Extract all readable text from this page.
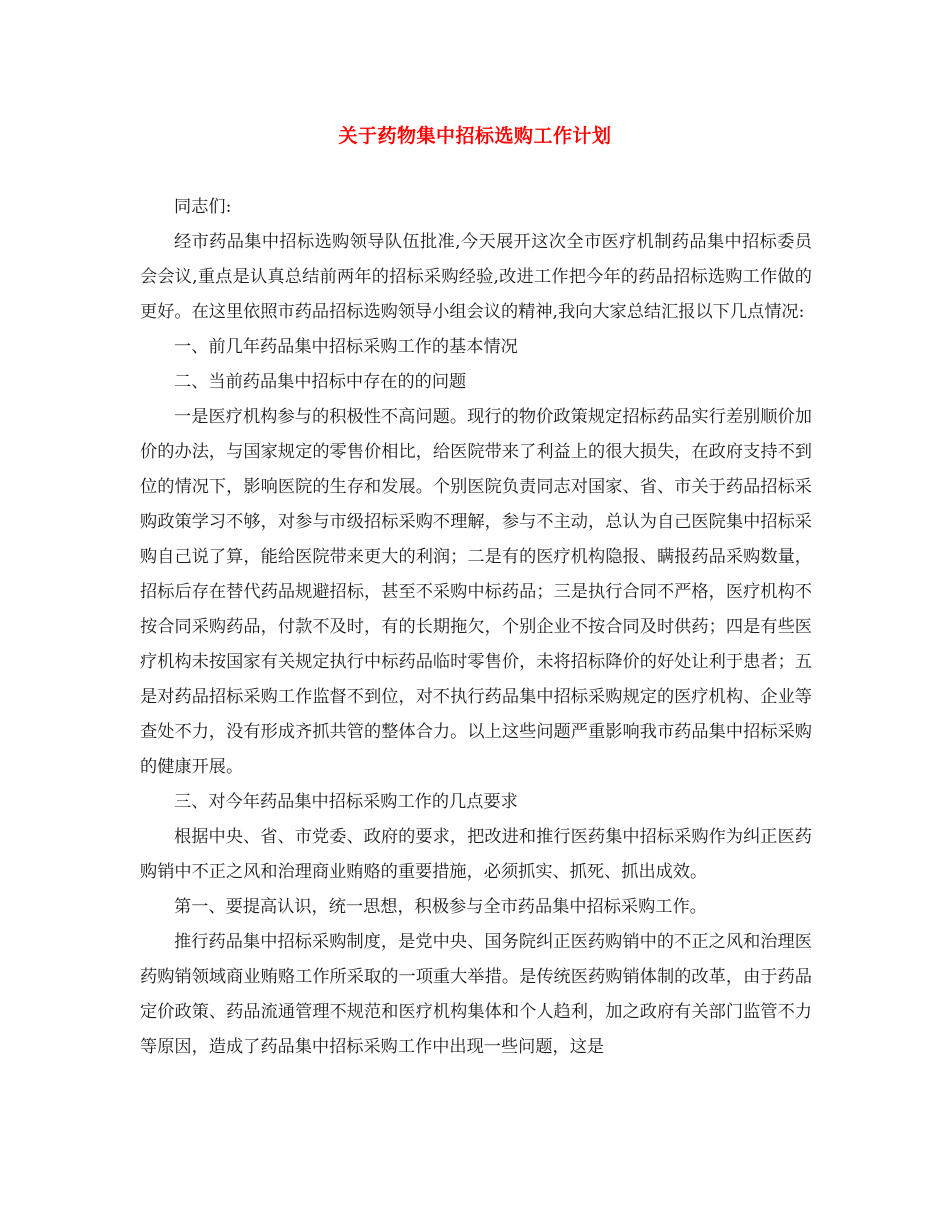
关于药物集中招标选购工作计划

同志们:

经市药品集中招标选购领导队伍批准,今天展开这次全市医疗机制药品集中招标委员会会议,重点是认真总结前两年的招标采购经验,改进工作把今年的药品招标选购工作做的更好。在这里依照市药品招标选购领导小组会议的精神,我向大家总结汇报以下几点情况:

一、前几年药品集中招标采购工作的基本情况

二、当前药品集中招标中存在的的问题

一是医疗机构参与的积极性不高问题。现行的物价政策规定招标药品实行差别顺价加价的办法，与国家规定的零售价相比，给医院带来了利益上的很大损失，在政府支持不到位的情况下，影响医院的生存和发展。个别医院负责同志对国家、省、市关于药品招标采购政策学习不够，对参与市级招标采购不理解，参与不主动，总认为自己医院集中招标采购自己说了算，能给医院带来更大的利润；二是有的医疗机构隐报、瞒报药品采购数量，招标后存在替代药品规避招标，甚至不采购中标药品；三是执行合同不严格，医疗机构不按合同采购药品，付款不及时，有的长期拖欠，个别企业不按合同及时供药；四是有些医疗机构未按国家有关规定执行中标药品临时零售价，未将招标降价的好处让利于患者；五是对药品招标采购工作监督不到位，对不执行药品集中招标采购规定的医疗机构、企业等查处不力，没有形成齐抓共管的整体合力。以上这些问题严重影响我市药品集中招标采购的健康开展。

三、对今年药品集中招标采购工作的几点要求

根据中央、省、市党委、政府的要求，把改进和推行医药集中招标采购作为纠正医药购销中不正之风和治理商业贿赂的重要措施，必须抓实、抓死、抓出成效。

第一、要提高认识，统一思想，积极参与全市药品集中招标采购工作。

推行药品集中招标采购制度，是党中央、国务院纠正医药购销中的不正之风和治理医药购销领域商业贿赂工作所采取的一项重大举措。是传统医药购销体制的改革，由于药品定价政策、药品流通管理不规范和医疗机构集体和个人趋利，加之政府有关部门监管不力等原因，造成了药品集中招标采购工作中出现一些问题，这是
